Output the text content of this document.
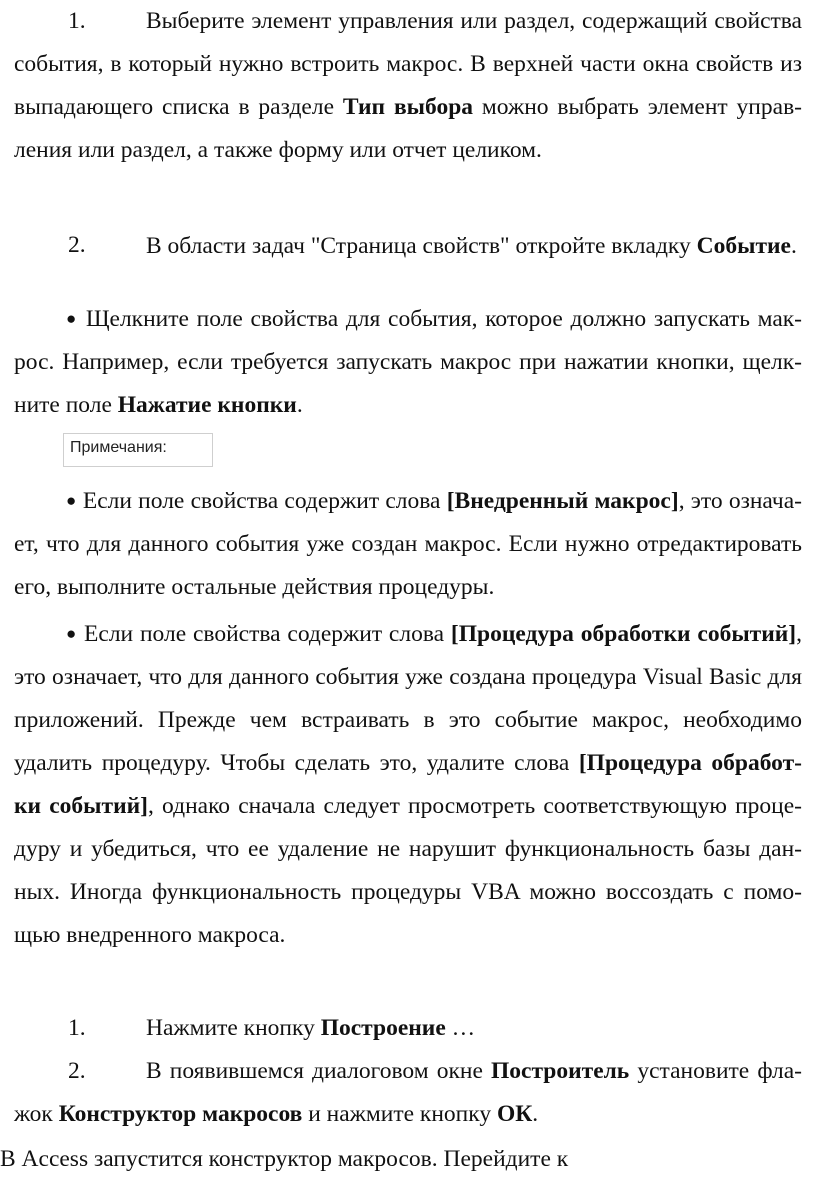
1.	Выберите элемент управления или раздел, содержащий свойства события, в который нужно встроить макрос. В верхней части окна свойств из выпадающего списка в разделе Тип выбора можно выбрать элемент управ- ления или раздел, а также форму или отчет целиком.
2.	В области задач "Страница свойств" откройте вкладку Событие.
● Щелкните поле свойства для события, которое должно запускать мак- рос. Например, если требуется запускать макрос при нажатии кнопки, щелк- ните поле Нажатие кнопки.
Примечания:
● Если поле свойства содержит слова [Внедренный макрос], это означа- ет, что для данного события уже создан макрос. Если нужно отредактировать его, выполните остальные действия процедуры.
● Если поле свойства содержит слова [Процедура обработки событий], это означает, что для данного события уже создана процедура Visual Basic для приложений. Прежде чем встраивать в это событие макрос, необходимо удалить процедуру. Чтобы сделать это, удалите слова [Процедура обработ- ки событий], однако сначала следует просмотреть соответствующую проце- дуру и убедиться, что ее удаление не нарушит функциональность базы дан- ных. Иногда функциональность процедуры VBA можно воссоздать с помо- щью внедренного макроса.
1.	Нажмите кнопку Построение …
2.	В появившемся диалоговом окне Построитель установите фла- жок Конструктор макросов и нажмите кнопку ОК.
В Access запустится конструктор макросов. Перейдите к
